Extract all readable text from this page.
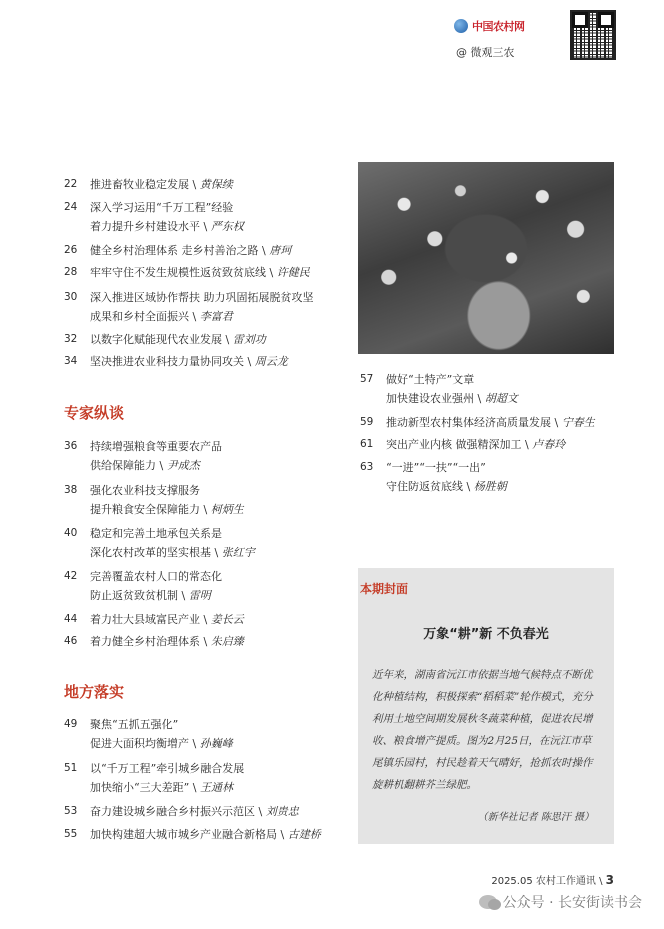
中国农村网
@ 微观三农
22	推进畜牧业稳定发展 \ 黄保续
24	深入学习运用“千万工程”经验
着力提升乡村建设水平 \ 严东权
26	健全乡村治理体系 走乡村善治之路 \ 唐珂
28	牢牢守住不发生规模性返贫致贫底线 \ 许健民
30	深入推进区域协作帮扶 助力巩固拓展脱贫攻坚
成果和乡村全面振兴 \ 李富君
32	以数字化赋能现代农业发展 \ 雷刘功
34	坚决推进农业科技力量协同攻关 \ 周云龙
专家纵谈
36	持续增强粮食等重要农产品
供给保障能力 \ 尹成杰
38	强化农业科技支撑服务
提升粮食安全保障能力 \ 柯炳生
40	稳定和完善土地承包关系是
深化农村改革的坚实根基 \ 张红宇
42	完善覆盖农村人口的常态化
防止返贫致贫机制 \ 雷明
44	着力壮大县域富民产业 \ 姜长云
46	着力健全乡村治理体系 \ 朱启臻
地方落实
49	聚焦“五抓五强化”
促进大面积均衡增产 \ 孙巍峰
51	以“千万工程”牵引城乡融合发展
加快缩小“三大差距” \ 王通林
53	奋力建设城乡融合乡村振兴示范区 \ 刘贵忠
55	加快构建超大城市城乡产业融合新格局 \ 古建桥
57	做好“土特产”文章
加快建设农业强州 \ 胡超文
59	推动新型农村集体经济高质量发展 \ 宁春生
61	突出产业内核 做强精深加工 \ 卢春玲
63	“一进”“一扶”“一出”
守住防返贫底线 \ 杨胜朝
本期封面
万象“耕”新 不负春光
近年来，湖南省沅江市依据当地气候特点不断优化种植结构，积极探索“稻稻菜”轮作模式，充分利用土地空间期发展秋冬蔬菜种植，促进农民增收、粮食增产提质。图为2月25日，在沅江市草尾镇乐园村，村民趁着天气晴好，抢抓农时操作旋耕机翻耕芥兰绿肥。
（新华社记者 陈思汗 摄）
2025.05 农村工作通讯 \ 3
公众号 · 长安街读书会
